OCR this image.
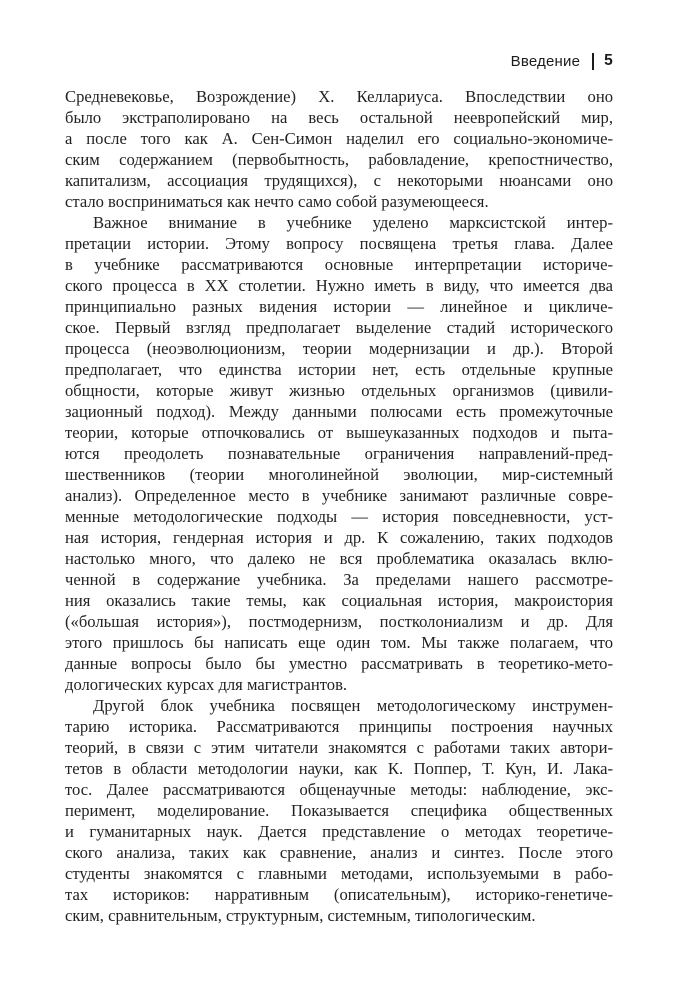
Введение 5
Средневековье, Возрождение) Х. Келлариуса. Впоследствии оно
было экстраполировано на весь остальной неевропейский мир,
а после того как А. Сен-Симон наделил его социально-экономиче-
ским содержанием (первобытность, рабовладение, крепостничество,
капитализм, ассоциация трудящихся), с некоторыми нюансами оно
стало восприниматься как нечто само собой разумеющееся.
Важное внимание в учебнике уделено марксистской интер-
претации истории. Этому вопросу посвящена третья глава. Далее
в учебнике рассматриваются основные интерпретации историче-
ского процесса в XX столетии. Нужно иметь в виду, что имеется два
принципиально разных видения истории — линейное и цикличе-
ское. Первый взгляд предполагает выделение стадий исторического
процесса (неоэволюционизм, теории модернизации и др.). Второй
предполагает, что единства истории нет, есть отдельные крупные
общности, которые живут жизнью отдельных организмов (цивили-
зационный подход). Между данными полюсами есть промежуточные
теории, которые отпочковались от вышеуказанных подходов и пыта-
ются преодолеть познавательные ограничения направлений-пред-
шественников (теории многолинейной эволюции, мир-системный
анализ). Определенное место в учебнике занимают различные совре-
менные методологические подходы — история повседневности, уст-
ная история, гендерная история и др. К сожалению, таких подходов
настолько много, что далеко не вся проблематика оказалась вклю-
ченной в содержание учебника. За пределами нашего рассмотре-
ния оказались такие темы, как социальная история, макроистория
(«большая история»), постмодернизм, постколониализм и др. Для
этого пришлось бы написать еще один том. Мы также полагаем, что
данные вопросы было бы уместно рассматривать в теоретико-мето-
дологических курсах для магистрантов.
Другой блок учебника посвящен методологическому инструмен-
тарию историка. Рассматриваются принципы построения научных
теорий, в связи с этим читатели знакомятся с работами таких автори-
тетов в области методологии науки, как К. Поппер, Т. Кун, И. Лака-
тос. Далее рассматриваются общенаучные методы: наблюдение, экс-
перимент, моделирование. Показывается специфика общественных
и гуманитарных наук. Дается представление о методах теоретиче-
ского анализа, таких как сравнение, анализ и синтез. После этого
студенты знакомятся с главными методами, используемыми в рабо-
тах историков: нарративным (описательным), историко-генетиче-
ским, сравнительным, структурным, системным, типологическим.
